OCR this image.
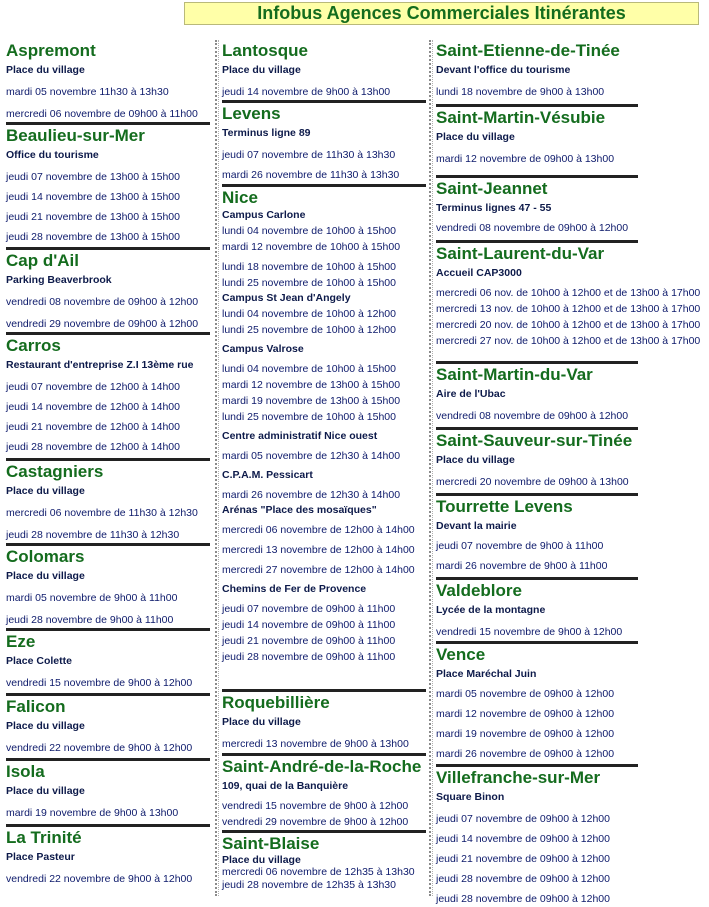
Infobus Agences Commerciales Itinérantes
Aspremont
Place du village
mardi 05 novembre 11h30 à 13h30
mercredi 06 novembre de 09h00 à 11h00
Beaulieu-sur-Mer
Office du tourisme
jeudi 07 novembre de 13h00 à 15h00
jeudi 14 novembre de 13h00 à 15h00
jeudi 21 novembre de 13h00 à 15h00
jeudi 28 novembre de 13h00 à 15h00
Cap d'Ail
Parking Beaverbrook
vendredi 08 novembre de 09h00 à 12h00
vendredi 29 novembre de 09h00 à 12h00
Carros
Restaurant d'entreprise Z.I 13ème rue
jeudi 07 novembre de 12h00 à 14h00
jeudi 14 novembre de 12h00 à 14h00
jeudi 21 novembre de 12h00 à 14h00
jeudi 28 novembre de 12h00 à 14h00
Castagniers
Place du village
mercredi 06 novembre de 11h30 à 12h30
jeudi 28 novembre de 11h30 à 12h30
Colomars
Place du village
mardi 05 novembre de 9h00 à 11h00
jeudi 28 novembre de 9h00 à 11h00
Eze
Place Colette
vendredi 15 novembre de 9h00 à 12h00
Falicon
Place du village
vendredi 22 novembre de 9h00 à 12h00
Isola
Place du village
mardi 19 novembre de 9h00 à 13h00
La Trinité
Place Pasteur
vendredi 22 novembre de 9h00 à 12h00
Lantosque
Place du village
jeudi 14 novembre de 9h00 à 13h00
Levens
Terminus ligne 89
jeudi 07 novembre de 11h30 à 13h30
mardi 26 novembre de 11h30 à 13h30
Nice
Campus Carlone
lundi 04 novembre de 10h00 à 15h00
mardi 12 novembre de 10h00 à 15h00
lundi 18 novembre de 10h00 à 15h00
lundi 25 novembre de 10h00 à 15h00
Campus St Jean d'Angely
lundi 04 novembre de 10h00 à 12h00
lundi 25 novembre de 10h00 à 12h00
Campus Valrose
lundi 04 novembre de 10h00 à 15h00
mardi 12 novembre de 13h00 à 15h00
mardi 19 novembre de 13h00 à 15h00
lundi 25 novembre de 10h00 à 15h00
Centre administratif Nice ouest
mardi 05 novembre de 12h30 à 14h00
C.P.A.M. Pessicart
mardi 26 novembre de 12h30 à 14h00
Arénas "Place des mosaïques"
mercredi 06 novembre de 12h00 à 14h00
mercredi 13 novembre de 12h00 à 14h00
mercredi 27 novembre de 12h00 à 14h00
Chemins de Fer de Provence
jeudi 07 novembre de 09h00 à 11h00
jeudi 14 novembre de 09h00 à 11h00
jeudi 21 novembre de 09h00 à 11h00
jeudi 28 novembre de 09h00 à 11h00
Roquebillière
Place du village
mercredi 13 novembre de 9h00 à 13h00
Saint-André-de-la-Roche
109, quai de la Banquière
vendredi 15 novembre de 9h00 à 12h00
vendredi 29 novembre de 9h00 à 12h00
Saint-Blaise
Place du village
mercredi 06 novembre de 12h35 à 13h30
jeudi 28 novembre de 12h35 à 13h30
Saint-Etienne-de-Tinée
Devant l'office du tourisme
lundi 18 novembre de 9h00 à 13h00
Saint-Martin-Vésubie
Place du village
mardi 12 novembre de 09h00 à 13h00
Saint-Jeannet
Terminus lignes 47 - 55
vendredi 08 novembre de 09h00 à 12h00
Saint-Laurent-du-Var
Accueil CAP3000
mercredi 06 nov. de 10h00 à 12h00 et de 13h00 à 17h00
mercredi 13 nov. de 10h00 à 12h00 et de 13h00 à 17h00
mercredi 20 nov. de 10h00 à 12h00 et de 13h00 à 17h00
mercredi 27 nov. de 10h00 à 12h00 et de 13h00 à 17h00
Saint-Martin-du-Var
Aire de l'Ubac
vendredi 08 novembre de 09h00 à 12h00
Saint-Sauveur-sur-Tinée
Place du village
mercredi 20 novembre de 09h00 à 13h00
Tourrette Levens
Devant la mairie
jeudi 07 novembre de 9h00 à 11h00
mardi 26 novembre de 9h00 à 11h00
Valdeblore
Lycée de la montagne
vendredi 15 novembre de 9h00 à 12h00
Vence
Place Maréchal Juin
mardi 05 novembre de 09h00 à 12h00
mardi 12 novembre de 09h00 à 12h00
mardi 19 novembre de 09h00 à 12h00
mardi 26 novembre de 09h00 à 12h00
Villefranche-sur-Mer
Square Binon
jeudi 07 novembre de 09h00 à 12h00
jeudi 14 novembre de 09h00 à 12h00
jeudi 21 novembre de 09h00 à 12h00
jeudi 28 novembre de 09h00 à 12h00
jeudi 28 novembre de 09h00 à 12h00
